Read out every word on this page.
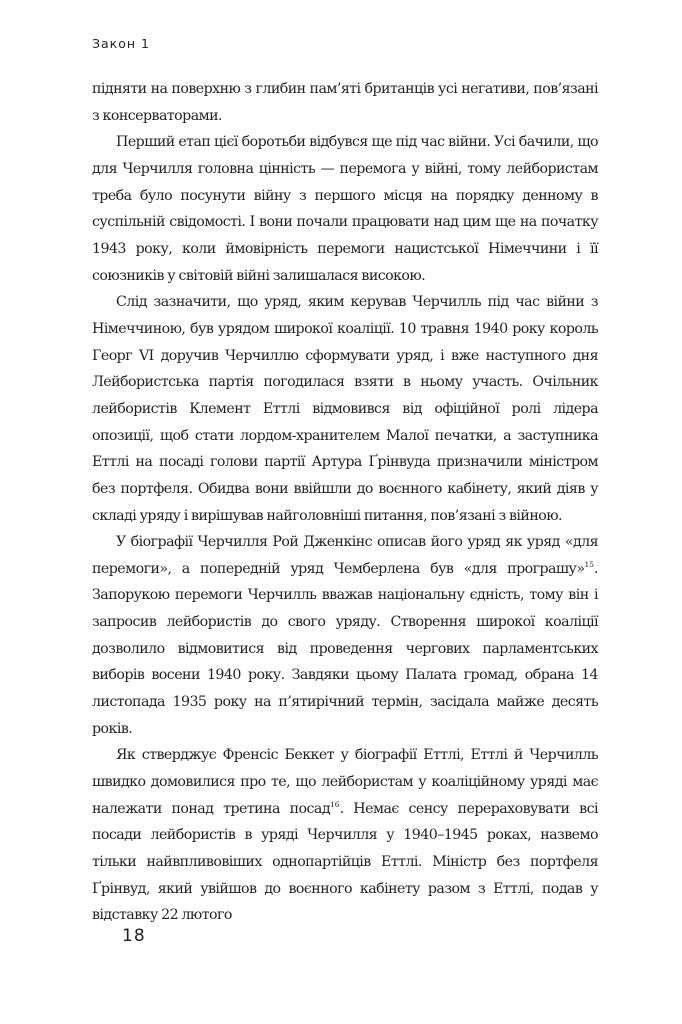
Закон 1

підняти на поверхню з глибин пам’яті британців усі негативи, пов’язані з консерваторами.

Перший етап цієї боротьби відбувся ще під час війни. Усі бачили, що для Черчилля головна цінність — перемога у війні, тому лейбористам треба було посунути війну з першого місця на порядку денному в суспільній свідомості. І вони почали працювати над цим ще на початку 1943 року, коли ймовірність перемоги нацистської Німеччини і її союзників у світовій війні залишалася високою.

Слід зазначити, що уряд, яким керував Черчилль під час війни з Німеччиною, був урядом широкої коаліції. 10 травня 1940 року король Георг VI доручив Черчиллю сформувати уряд, і вже наступного дня Лейбористська партія погодилася взяти в ньому участь. Очільник лейбористів Клемент Еттлі відмовився від офіційної ролі лідера опозиції, щоб стати лордом-хранителем Малої печатки, а заступника Еттлі на посаді голови партії Артура Ґрінвуда призначили міністром без портфеля. Обидва вони ввійшли до воєнного кабінету, який діяв у складі уряду і вирішував найголовніші питання, пов’язані з війною.

У біографії Черчилля Рой Дженкінс описав його уряд як уряд «для перемоги», а попередній уряд Чемберлена був «для програшу»$^{15}$. Запорукою перемоги Черчилль вважав національну єдність, тому він і запросив лейбористів до свого уряду. Створення широкої коаліції дозволило відмовитися від проведення чергових парламентських виборів восени 1940 року. Завдяки цьому Палата громад, обрана 14 листопада 1935 року на п’ятирічний термін, засідала майже десять років.

Як стверджує Френсіс Беккет у біографії Еттлі, Еттлі й Черчилль швидко домовилися про те, що лейбористам у коаліційному уряді має належати понад третина посад$^{16}$. Немає сенсу перераховувати всі посади лейбористів в уряді Черчилля у 1940–1945 роках, назвемо тільки найвпливовіших однопартійців Еттлі. Міністр без портфеля Ґрінвуд, який увійшов до воєнного кабінету разом з Еттлі, подав у відставку 22 лютого

18
